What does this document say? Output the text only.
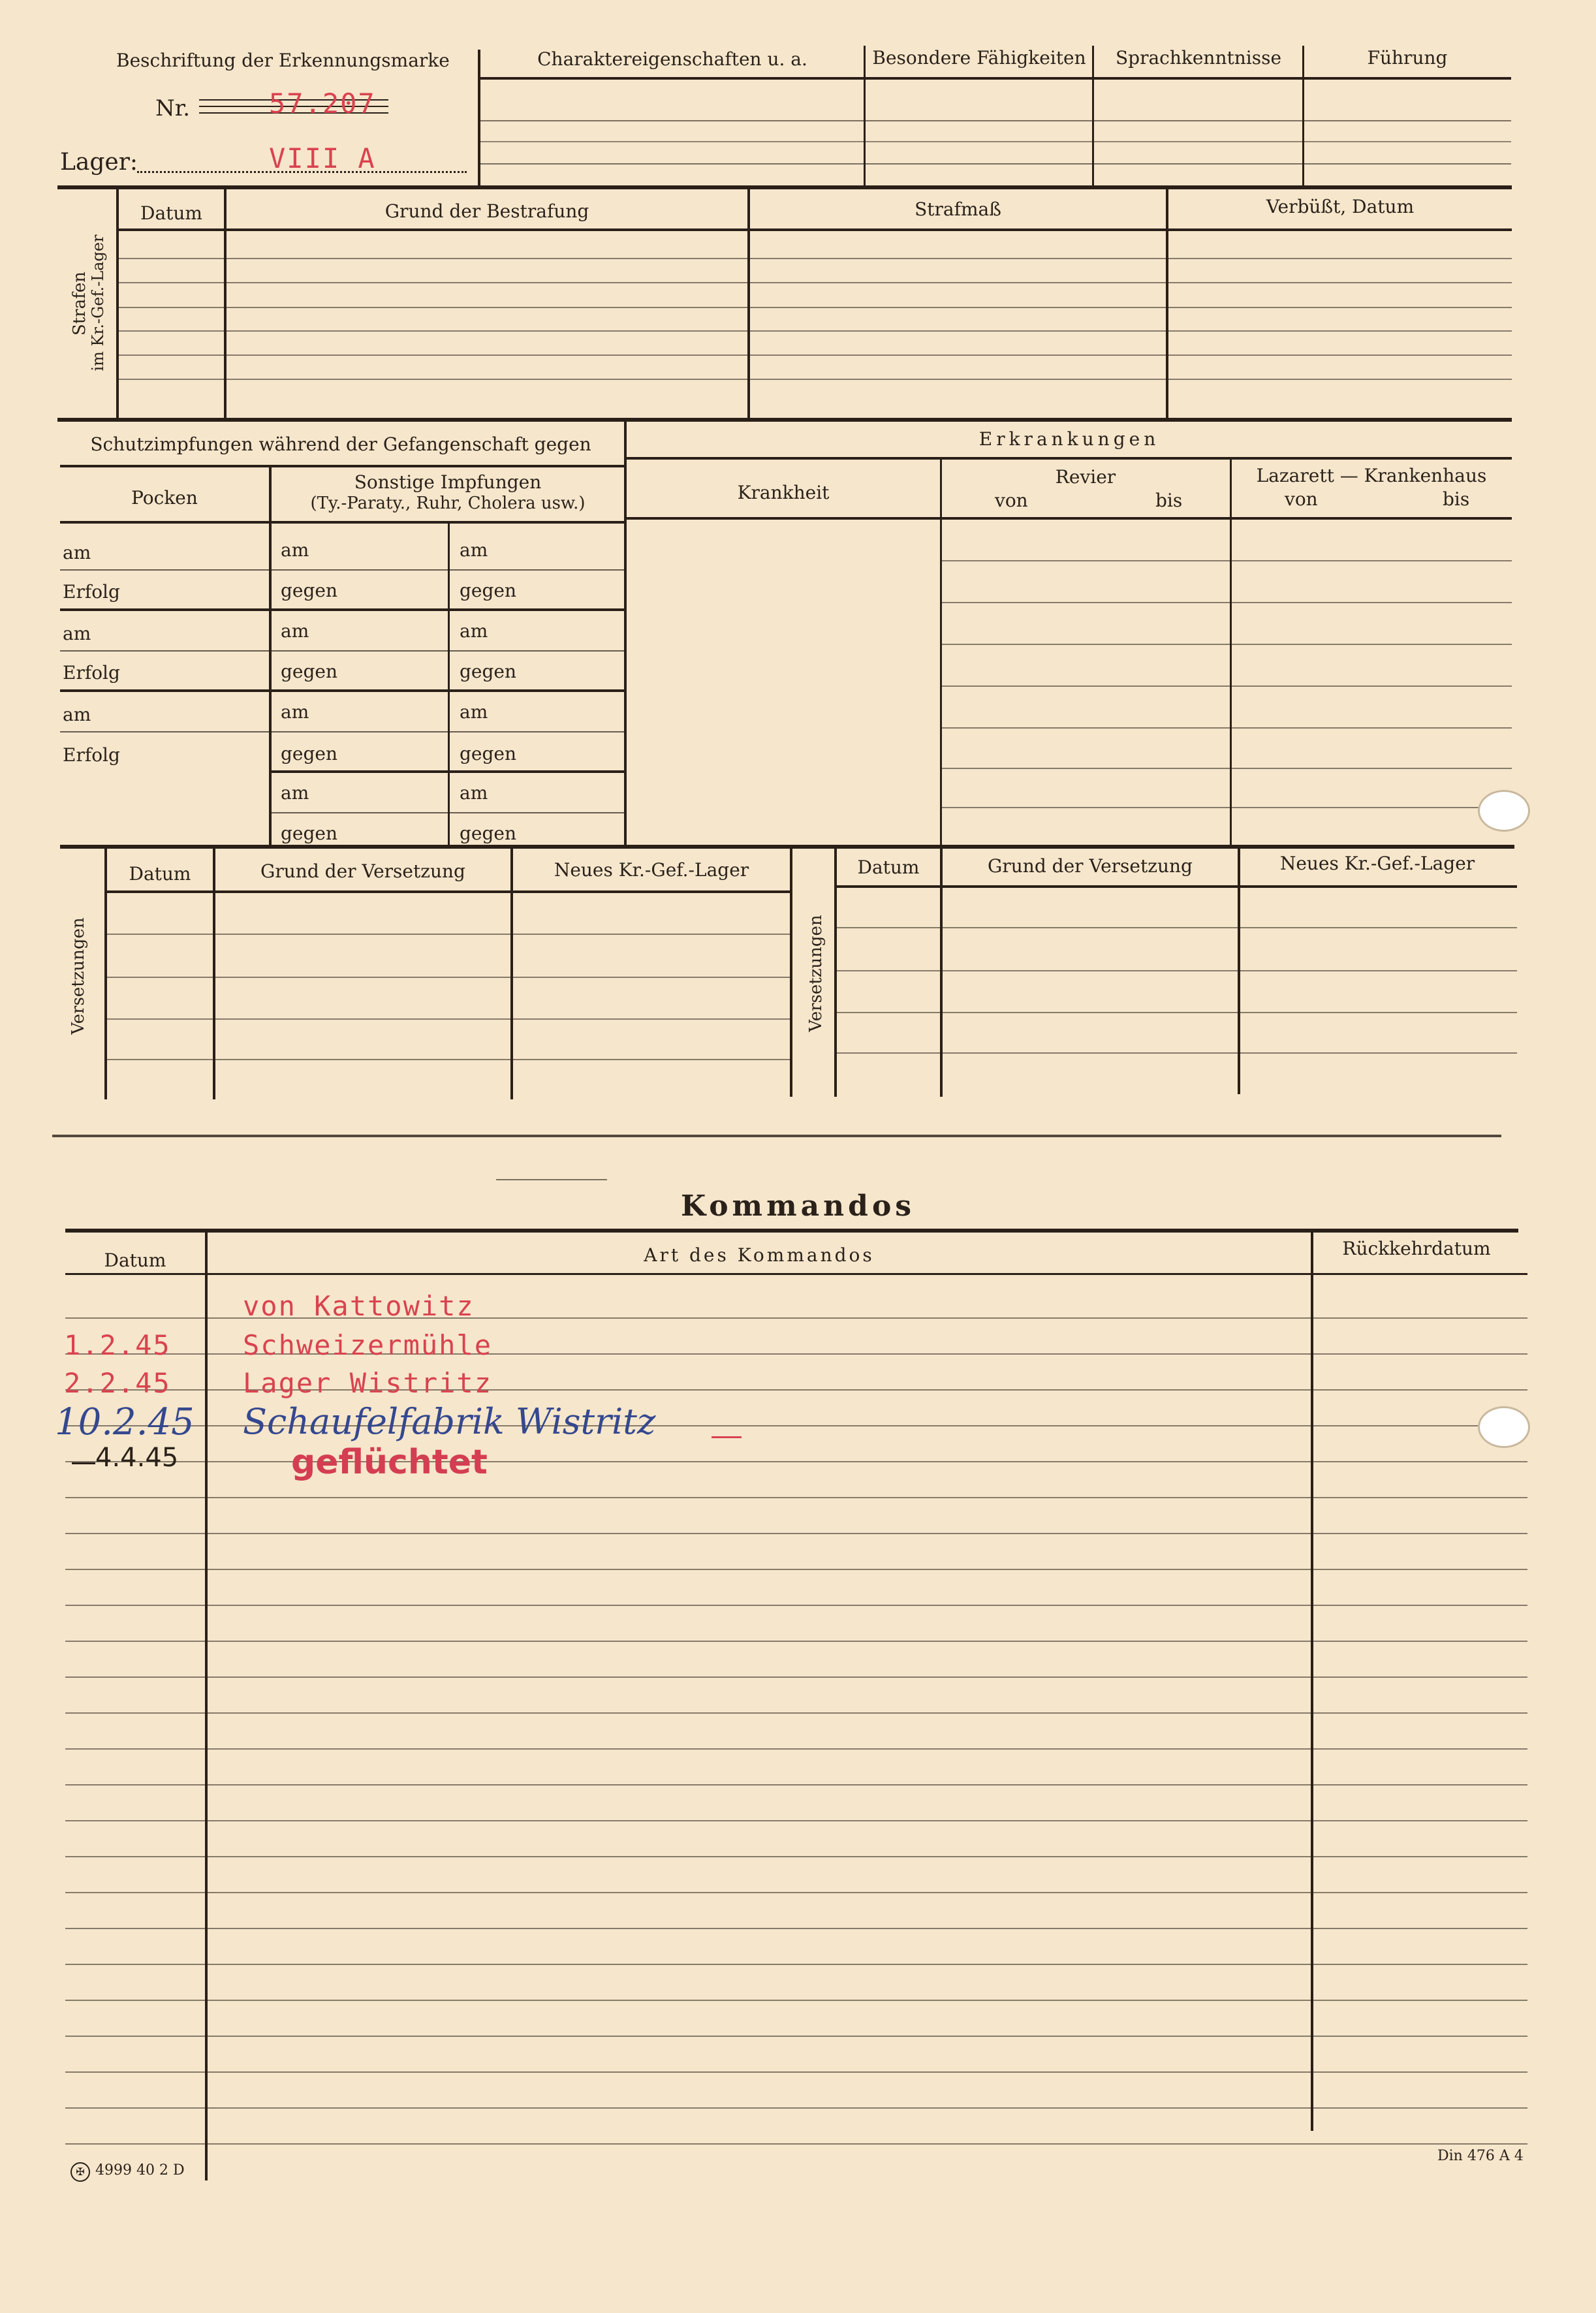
Beschriftung der Erkennungsmarke
Nr.	57.207
Lager:	VIII A
Charaktereigenschaften u. a.	Besondere Fähigkeiten	Sprachkenntnisse	Führung
Datum	Grund der Bestrafung	Strafmaß	Verbüßt, Datum
Strafen im Kr.-Gef.-Lager
Schutzimpfungen während der Gefangenschaft gegen
Pocken
Sonstige Impfungen
(Ty.-Paraty., Ruhr, Cholera usw.)
am
Erfolg
am
Erfolg
am
Erfolg
am	am
gegen	gegen
am	am
gegen	gegen
am	am
gegen	gegen
am	am
gegen	gegen
Erkrankungen
Krankheit
Revier
von	bis
Lazarett — Krankenhaus
von	bis
Datum	Grund der Versetzung	Neues Kr.-Gef.-Lager
Versetzungen
Datum	Grund der Versetzung	Neues Kr.-Gef.-Lager
Versetzungen
Kommandos
Datum	Art des Kommandos	Rückkehrdatum
von Kattowitz
1.2.45	Schweizermühle
2.2.45	Lager Wistritz
10.2.45 Schaufelfabrik Wistritz
4.4.45	geflüchtet
✠ 4999 40 2 D
Din 476 A 4
